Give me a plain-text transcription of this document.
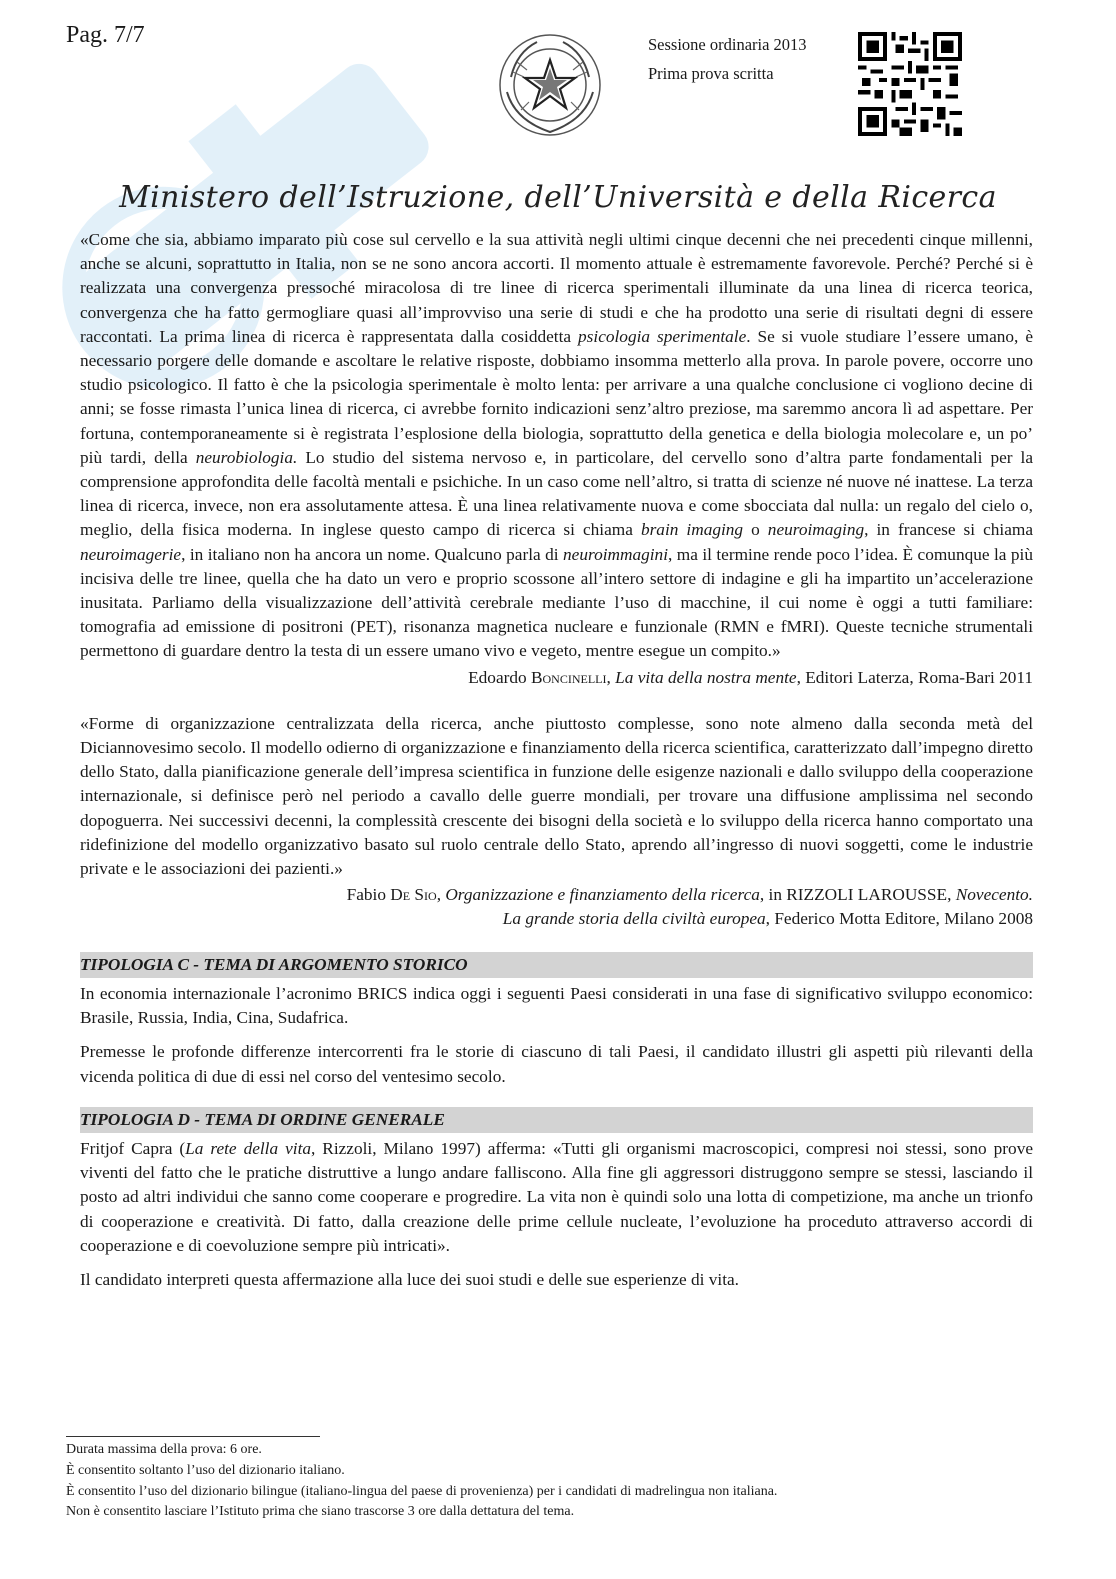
Pag. 7/7	Sessione ordinaria 2013
Prima prova scritta
Ministero dell’Istruzione, dell’Università e della Ricerca

«Come che sia, abbiamo imparato più cose sul cervello e la sua attività negli ultimi cinque decenni che nei precedenti cinque millenni, anche se alcuni, soprattutto in Italia, non se ne sono ancora accorti. Il momento attuale è estremamente favorevole. Perché? Perché si è realizzata una convergenza pressoché miracolosa di tre linee di ricerca sperimentali illuminate da una linea di ricerca teorica, convergenza che ha fatto germogliare quasi all’improvviso una serie di studi e che ha prodotto una serie di risultati degni di essere raccontati. La prima linea di ricerca è rappresentata dalla cosiddetta psicologia sperimentale. Se si vuole studiare l’essere umano, è necessario porgere delle domande e ascoltare le relative risposte, dobbiamo insomma metterlo alla prova. In parole povere, occorre uno studio psicologico. Il fatto è che la psicologia sperimentale è molto lenta: per arrivare a una qualche conclusione ci vogliono decine di anni; se fosse rimasta l’unica linea di ricerca, ci avrebbe fornito indicazioni senz’altro preziose, ma saremmo ancora lì ad aspettare. Per fortuna, contemporaneamente si è registrata l’esplosione della biologia, soprattutto della genetica e della biologia molecolare e, un po’ più tardi, della neurobiologia. Lo studio del sistema nervoso e, in particolare, del cervello sono d’altra parte fondamentali per la comprensione approfondita delle facoltà mentali e psichiche. In un caso come nell’altro, si tratta di scienze né nuove né inattese. La terza linea di ricerca, invece, non era assolutamente attesa. È una linea relativamente nuova e come sbocciata dal nulla: un regalo del cielo o, meglio, della fisica moderna. In inglese questo campo di ricerca si chiama brain imaging o neuroimaging, in francese si chiama neuroimagerie, in italiano non ha ancora un nome. Qualcuno parla di neuroimmagini, ma il termine rende poco l’idea. È comunque la più incisiva delle tre linee, quella che ha dato un vero e proprio scossone all’intero settore di indagine e gli ha impartito un’accelerazione inusitata. Parliamo della visualizzazione dell’attività cerebrale mediante l’uso di macchine, il cui nome è oggi a tutti familiare: tomografia ad emissione di positroni (PET), risonanza magnetica nucleare e funzionale (RMN e fMRI). Queste tecniche strumentali permettono di guardare dentro la testa di un essere umano vivo e vegeto, mentre esegue un compito.»

Edoardo Boncinelli, La vita della nostra mente, Editori Laterza, Roma-Bari 2011

«Forme di organizzazione centralizzata della ricerca, anche piuttosto complesse, sono note almeno dalla seconda metà del Diciannovesimo secolo. Il modello odierno di organizzazione e finanziamento della ricerca scientifica, caratterizzato dall’impegno diretto dello Stato, dalla pianificazione generale dell’impresa scientifica in funzione delle esigenze nazionali e dallo sviluppo della cooperazione internazionale, si definisce però nel periodo a cavallo delle guerre mondiali, per trovare una diffusione amplissima nel secondo dopoguerra. Nei successivi decenni, la complessità crescente dei bisogni della società e lo sviluppo della ricerca hanno comportato una ridefinizione del modello organizzativo basato sul ruolo centrale dello Stato, aprendo all’ingresso di nuovi soggetti, come le industrie private e le associazioni dei pazienti.»

Fabio De Sio, Organizzazione e finanziamento della ricerca, in RIZZOLI LAROUSSE, Novecento.
La grande storia della civiltà europea, Federico Motta Editore, Milano 2008

TIPOLOGIA C - TEMA DI ARGOMENTO STORICO

In economia internazionale l’acronimo BRICS indica oggi i seguenti Paesi considerati in una fase di significativo sviluppo economico: Brasile, Russia, India, Cina, Sudafrica.

Premesse le profonde differenze intercorrenti fra le storie di ciascuno di tali Paesi, il candidato illustri gli aspetti più rilevanti della vicenda politica di due di essi nel corso del ventesimo secolo.

TIPOLOGIA D - TEMA DI ORDINE GENERALE

Fritjof Capra (La rete della vita, Rizzoli, Milano 1997) afferma: «Tutti gli organismi macroscopici, compresi noi stessi, sono prove viventi del fatto che le pratiche distruttive a lungo andare falliscono. Alla fine gli aggressori distruggono sempre se stessi, lasciando il posto ad altri individui che sanno come cooperare e progredire. La vita non è quindi solo una lotta di competizione, ma anche un trionfo di cooperazione e creatività. Di fatto, dalla creazione delle prime cellule nucleate, l’evoluzione ha proceduto attraverso accordi di cooperazione e di coevoluzione sempre più intricati».

Il candidato interpreti questa affermazione alla luce dei suoi studi e delle sue esperienze di vita.

Durata massima della prova: 6 ore.
È consentito soltanto l’uso del dizionario italiano.
È consentito l’uso del dizionario bilingue (italiano-lingua del paese di provenienza) per i candidati di madrelingua non italiana.
Non è consentito lasciare l’Istituto prima che siano trascorse 3 ore dalla dettatura del tema.
